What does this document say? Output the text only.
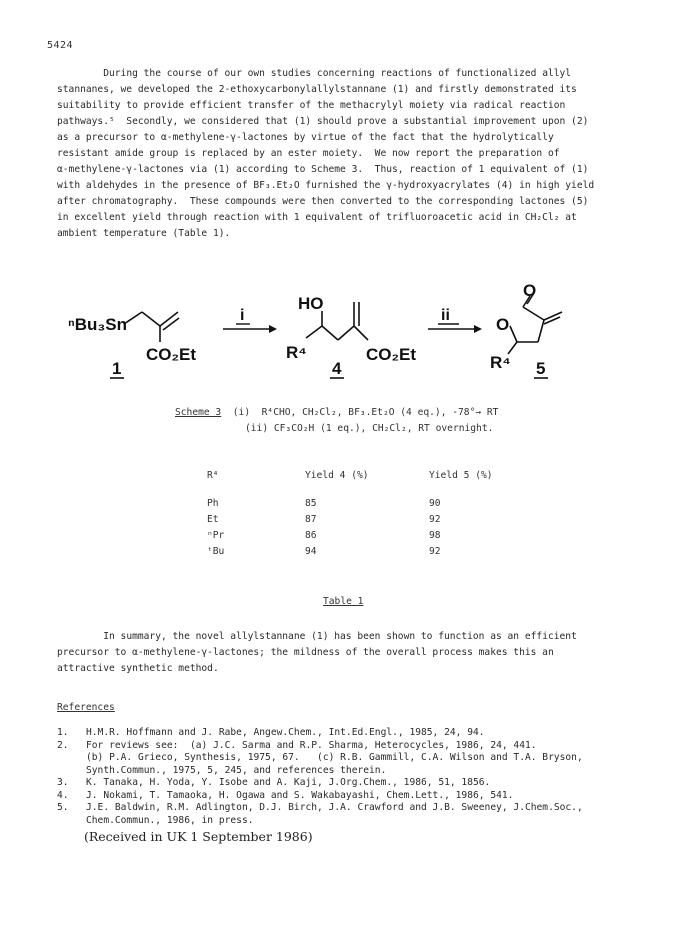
5424
During the course of our own studies concerning reactions of functionalized allyl
stannanes, we developed the 2-ethoxycarbonylallylstannane (1) and firstly demonstrated its
suitability to provide efficient transfer of the methacrylyl moiety via radical reaction
pathways.⁵  Secondly, we considered that (1) should prove a substantial improvement upon (2)
as a precursor to α-methylene-γ-lactones by virtue of the fact that the hydrolytically
resistant amide group is replaced by an ester moiety.  We now report the preparation of
α-methylene-γ-lactones via (1) according to Scheme 3.  Thus, reaction of 1 equivalent of (1)
with aldehydes in the presence of BF₃.Et₂O furnished the γ-hydroxyacrylates (4) in high yield
after chromatography.  These compounds were then converted to the corresponding lactones (5)
in excellent yield through reaction with 1 equivalent of trifluoroacetic acid in CH₂Cl₂ at
ambient temperature (Table 1).
ⁿBu₃Sn
CO₂Et
1
i
HO
R⁴	CO₂Et
4
ii
O
O
R⁴ 5
Scheme 3  (i)  R⁴CHO, CH₂Cl₂, BF₃.Et₂O (4 eq.), -78°→ RT
(ii) CF₃CO₂H (1 eq.), CH₂Cl₂, RT overnight.
R⁴	Yield 4 (%)	Yield 5 (%)
Ph	85	90
Et	87	92
ⁿPr	86	98
ᵗBu	94	92
Table 1
In summary, the novel allylstannane (1) has been shown to function as an efficient
precursor to α-methylene-γ-lactones; the mildness of the overall process makes this an
attractive synthetic method.
References
1.	H.M.R. Hoffmann and J. Rabe, Angew.Chem., Int.Ed.Engl., 1985, 24, 94.
2.	For reviews see:  (a) J.C. Sarma and R.P. Sharma, Heterocycles, 1986, 24, 441.
(b) P.A. Grieco, Synthesis, 1975, 67.   (c) R.B. Gammill, C.A. Wilson and T.A. Bryson,
Synth.Commun., 1975, 5, 245, and references therein.
3.	K. Tanaka, H. Yoda, Y. Isobe and A. Kaji, J.Org.Chem., 1986, 51, 1856.
4.	J. Nokami, T. Tamaoka, H. Ogawa and S. Wakabayashi, Chem.Lett., 1986, 541.
5.	J.E. Baldwin, R.M. Adlington, D.J. Birch, J.A. Crawford and J.B. Sweeney, J.Chem.Soc.,
Chem.Commun., 1986, in press.
(Received in UK 1 September 1986)
